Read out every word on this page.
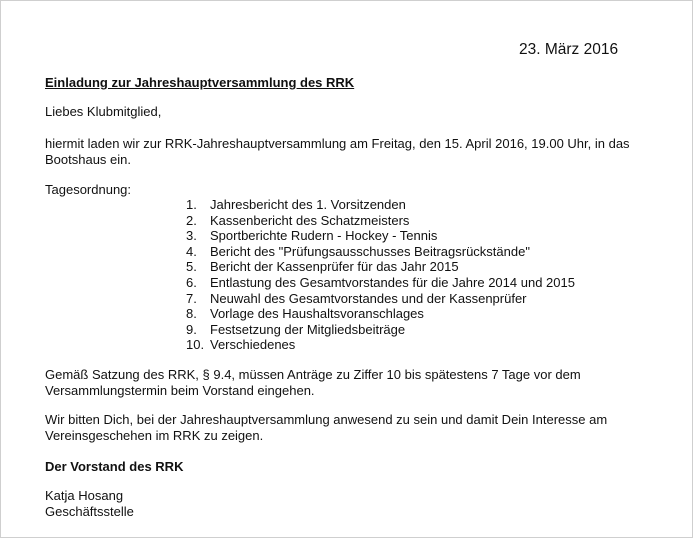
23. März 2016
Einladung zur Jahreshauptversammlung des RRK
Liebes Klubmitglied,
hiermit laden wir zur RRK-Jahreshauptversammlung am Freitag, den 15. April 2016, 19.00 Uhr, in das
Bootshaus ein.
Tagesordnung:
1.	Jahresbericht des 1. Vorsitzenden
2.	Kassenbericht des Schatzmeisters
3.	Sportberichte Rudern - Hockey - Tennis
4.	Bericht des "Prüfungsausschusses Beitragsrückstände"
5.	Bericht der Kassenprüfer für das Jahr 2015
6.	Entlastung des Gesamtvorstandes für die Jahre 2014 und 2015
7.	Neuwahl des Gesamtvorstandes und der Kassenprüfer
8.	Vorlage des Haushaltsvoranschlages
9.	Festsetzung der Mitgliedsbeiträge
10. Verschiedenes
Gemäß Satzung des RRK, § 9.4, müssen Anträge zu Ziffer 10 bis spätestens 7 Tage vor dem
Versammlungstermin beim Vorstand eingehen.
Wir bitten Dich, bei der Jahreshauptversammlung anwesend zu sein und damit Dein Interesse am
Vereinsgeschehen im RRK zu zeigen.
Der Vorstand des RRK
Katja Hosang
Geschäftsstelle
